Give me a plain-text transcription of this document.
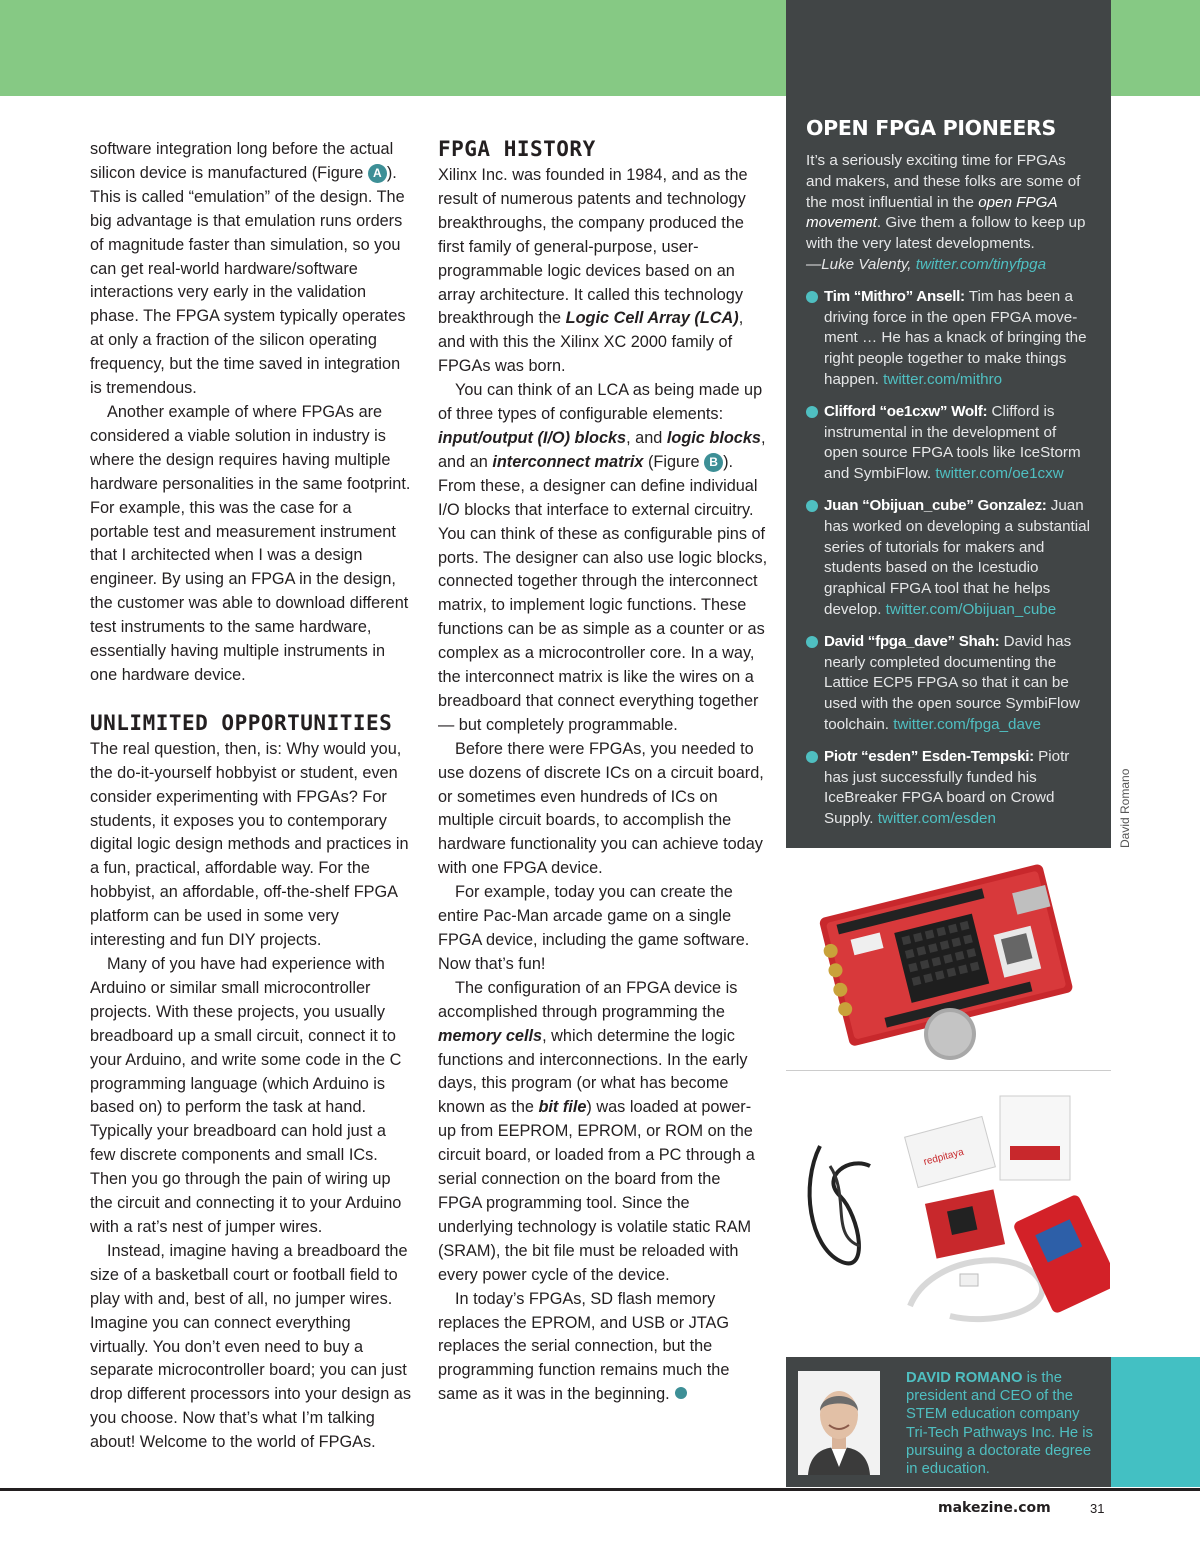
software integration long before the actual silicon device is manufactured (Figure A ).
This is called “emulation” of the design. The big advantage is that emulation runs orders of magnitude faster than simulation, so you can get real-world hardware/software interactions very early in the validation phase. The FPGA system typically operates at only a fraction of the silicon operating frequency, but the time saved in integration is tremendous.

Another example of where FPGAs are considered a viable solution in industry is where the design requires having multiple hardware personalities in the same footprint. For example, this was the case for a portable test and measurement instrument that I architected when I was a design engineer. By using an FPGA in the design, the customer was able to download different test instruments to the same hardware, essentially having multiple instruments in one hardware device.

UNLIMITED OPPORTUNITIES

The real question, then, is: Why would you, the do-it-yourself hobbyist or student, even consider experimenting with FPGAs? For students, it exposes you to contemporary digital logic design methods and practices in a fun, practical, affordable way. For the hobbyist, an affordable, off-the-shelf FPGA platform can be used in some very interesting and fun DIY projects.

Many of you have had experience with Arduino or similar small microcontroller projects. With these projects, you usually breadboard up a small circuit, connect it to your Arduino, and write some code in the C programming language (which Arduino is based on) to perform the task at hand. Typically your breadboard can hold just a few discrete components and small ICs. Then you go through the pain of wiring up the circuit and connecting it to your Arduino with a rat’s nest of jumper wires.

Instead, imagine having a breadboard the size of a basketball court or football field to play with and, best of all, no jumper wires. Imagine you can connect everything virtually. You don’t even need to buy a separate microcontroller board; you can just drop different processors into your design as you choose. Now that’s what I’m talking about! Welcome to the world of FPGAs.

FPGA HISTORY

Xilinx Inc. was founded in 1984, and as the result of numerous patents and technology breakthroughs, the company produced the first family of general-purpose, user-programmable logic devices based on an array architecture. It called this technology breakthrough the Logic Cell Array (LCA), and with this the Xilinx XC 2000 family of FPGAs was born.

You can think of an LCA as being made up of three types of configurable elements: input/output (I/O) blocks, and logic blocks, and an interconnect matrix (Figure B ). From these, a designer can define individual I/O blocks that interface to external circuitry. You can think of these as configurable pins of ports. The designer can also use logic blocks, connected together through the interconnect matrix, to implement logic functions. These functions can be as simple as a counter or as complex as a microcontroller core. In a way, the interconnect matrix is like the wires on a breadboard that connect everything together — but completely programmable.

Before there were FPGAs, you needed to use dozens of discrete ICs on a circuit board, or sometimes even hundreds of ICs on multiple circuit boards, to accomplish the hardware functionality you can achieve today with one FPGA device.

For example, today you can create the entire Pac-Man arcade game on a single FPGA device, including the game software. Now that’s fun!

The configuration of an FPGA device is accomplished through programming the memory cells, which determine the logic functions and interconnections. In the early days, this program (or what has become known as the bit file) was loaded at power-up from EEPROM, EPROM, or ROM on the circuit board, or loaded from a PC through a serial connection on the board from the FPGA programming tool. Since the underlying technology is volatile static RAM (SRAM), the bit file must be reloaded with every power cycle of the device.

In today’s FPGAs, SD flash memory replaces the EPROM, and USB or JTAG replaces the serial connection, but the programming function remains much the same as it was in the beginning.

OPEN FPGA PIONEERS

It’s a seriously exciting time for FPGAs and makers, and these folks are some of the most influential in the open FPGA movement. Give them a follow to keep up with the very latest developments.
—Luke Valenty, twitter.com/tinyfpga

Tim “Mithro” Ansell: Tim has been a driving force in the open FPGA movement … He has a knack of bringing the right people together to make things happen. twitter.com/mithro
Clifford “oe1cxw” Wolf: Clifford is instrumental in the development of open source FPGA tools like IceStorm and SymbiFlow. twitter.com/oe1cxw
Juan “Obijuan_cube” Gonzalez: Juan has worked on developing a substantial series of tutorials for makers and students based on the Icestudio graphical FPGA tool that he helps develop. twitter.com/Obijuan_cube
David “fpga_dave” Shah: David has nearly completed documenting the Lattice ECP5 FPGA so that it can be used with the open source SymbiFlow toolchain. twitter.com/fpga_dave
Piotr “esden” Esden-Tempski: Piotr has just successfully funded his IceBreaker FPGA board on Crowd Supply. twitter.com/esden	David Romano
redpitaya

DAVID ROMANO is the president and CEO of the STEM education company Tri-Tech Pathways Inc. He is pursuing a doctorate degree in education.

makezine.com	31
